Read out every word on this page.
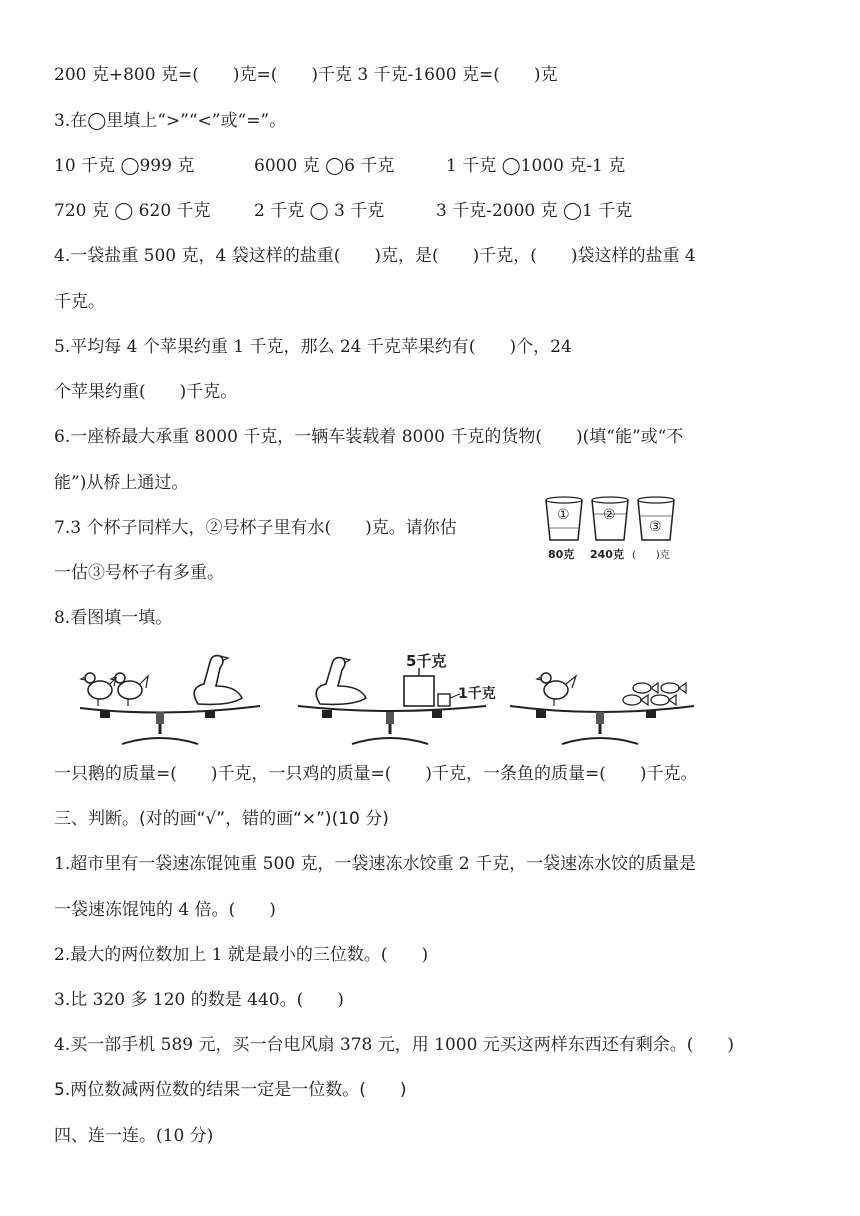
200 克+800 克=(　　)克=(　　)千克 3 千克-1600 克=(　　)克
3.在◯里填上“>”“<”或“=”。
10 千克 ◯999 克	6000 克 ◯6 千克	1 千克 ◯1000 克-1 克
720 克 ◯ 620 千克	2 千克 ◯ 3 千克	3 千克-2000 克 ◯1 千克
4.一袋盐重 500 克，4 袋这样的盐重(　　)克，是(　　)千克，(　　)袋这样的盐重 4
千克。
5.平均每 4 个苹果约重 1 千克，那么 24 千克苹果约有(　　)个，24
个苹果约重(　　)千克。
6.一座桥最大承重 8000 千克，一辆车装载着 8000 千克的货物(　　)(填“能”或“不
能”)从桥上通过。
7.3 个杯子同样大，②号杯子里有水(　　)克。请你估
一估③号杯子有多重。
8.看图填一填。
① ②
③
80克 240克 (　　)克
5千克
1千克
一只鹅的质量=(　　)千克，一只鸡的质量=(　　)千克，一条鱼的质量=(　　)千克。
三、判断。(对的画“√”，错的画“×”)(10 分)
1.超市里有一袋速冻馄饨重 500 克，一袋速冻水饺重 2 千克，一袋速冻水饺的质量是
一袋速冻馄饨的 4 倍。(　　)
2.最大的两位数加上 1 就是最小的三位数。(　　)
3.比 320 多 120 的数是 440。(　　)
4.买一部手机 589 元，买一台电风扇 378 元，用 1000 元买这两样东西还有剩余。(　　)
5.两位数减两位数的结果一定是一位数。(　　)
四、连一连。(10 分)
